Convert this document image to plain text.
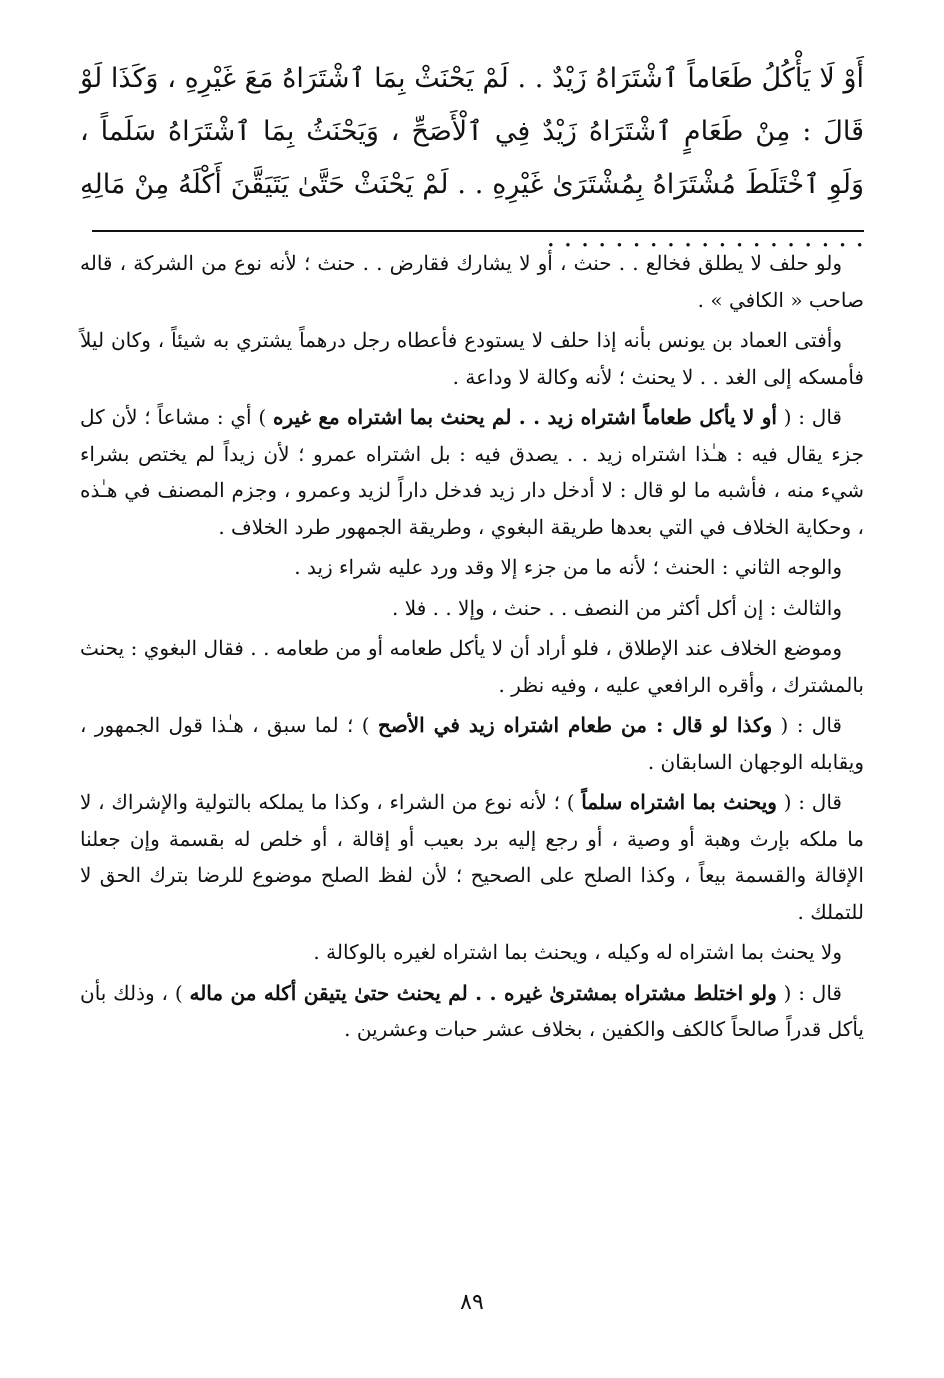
أَوْ لَا يَأْكُلُ طَعَاماً ٱشْتَرَاهُ زَيْدٌ . . لَمْ يَحْنَثْ بِمَا ٱشْتَرَاهُ مَعَ غَيْرِهِ ، وَكَذَا لَوْ قَالَ : مِنْ طَعَامٍ ٱشْتَرَاهُ زَيْدٌ فِي ٱلْأَصَحِّ ، وَيَحْنَثُ بِمَا ٱشْتَرَاهُ سَلَماً ، وَلَوِ ٱخْتَلَطَ مُشْتَرَاهُ بِمُشْتَرَىٰ غَيْرِهِ . . لَمْ يَحْنَثْ حَتَّىٰ يَتَيَقَّنَ أَكْلَهُ مِنْ مَالِهِ . . . . . . . . . . . . . . . . . . .

ولو حلف لا يطلق فخالع . . حنث ، أو لا يشارك فقارض . . حنث ؛ لأنه نوع من الشركة ، قاله صاحب « الكافي » .

وأفتى العماد بن يونس بأنه إذا حلف لا يستودع فأعطاه رجل درهماً يشتري به شيئاً ، وكان ليلاً فأمسكه إلى الغد . . لا يحنث ؛ لأنه وكالة لا وداعة .

قال : ( أو لا يأكل طعاماً اشتراه زيد . . لم يحنث بما اشتراه مع غيره ) أي : مشاعاً ؛ لأن كل جزء يقال فيه : هـٰذا اشتراه زيد . . يصدق فيه : بل اشتراه عمرو ؛ لأن زيداً لم يختص بشراء شيء منه ، فأشبه ما لو قال : لا أدخل دار زيد فدخل داراً لزيد وعمرو ، وجزم المصنف في هـٰذه ، وحكاية الخلاف في التي بعدها طريقة البغوي ، وطريقة الجمهور طرد الخلاف .

والوجه الثاني : الحنث ؛ لأنه ما من جزء إلا وقد ورد عليه شراء زيد .

والثالث : إن أكل أكثر من النصف . . حنث ، وإلا . . فلا .

وموضع الخلاف عند الإطلاق ، فلو أراد أن لا يأكل طعامه أو من طعامه . . فقال البغوي : يحنث بالمشترك ، وأقره الرافعي عليه ، وفيه نظر .

قال : ( وكذا لو قال : من طعام اشتراه زيد في الأصح ) ؛ لما سبق ، هـٰذا قول الجمهور ، ويقابله الوجهان السابقان .

قال : ( ويحنث بما اشتراه سلماً ) ؛ لأنه نوع من الشراء ، وكذا ما يملكه بالتولية والإشراك ، لا ما ملكه بإرث وهبة أو وصية ، أو رجع إليه برد بعيب أو إقالة ، أو خلص له بقسمة وإن جعلنا الإقالة والقسمة بيعاً ، وكذا الصلح على الصحيح ؛ لأن لفظ الصلح موضوع للرضا بترك الحق لا للتملك .

ولا يحنث بما اشتراه له وكيله ، ويحنث بما اشتراه لغيره بالوكالة .

قال : ( ولو اختلط مشتراه بمشترىٰ غيره . . لم يحنث حتىٰ يتيقن أكله من ماله ) ، وذلك بأن يأكل قدراً صالحاً كالكف والكفين ، بخلاف عشر حبات وعشرين .

٨٩
